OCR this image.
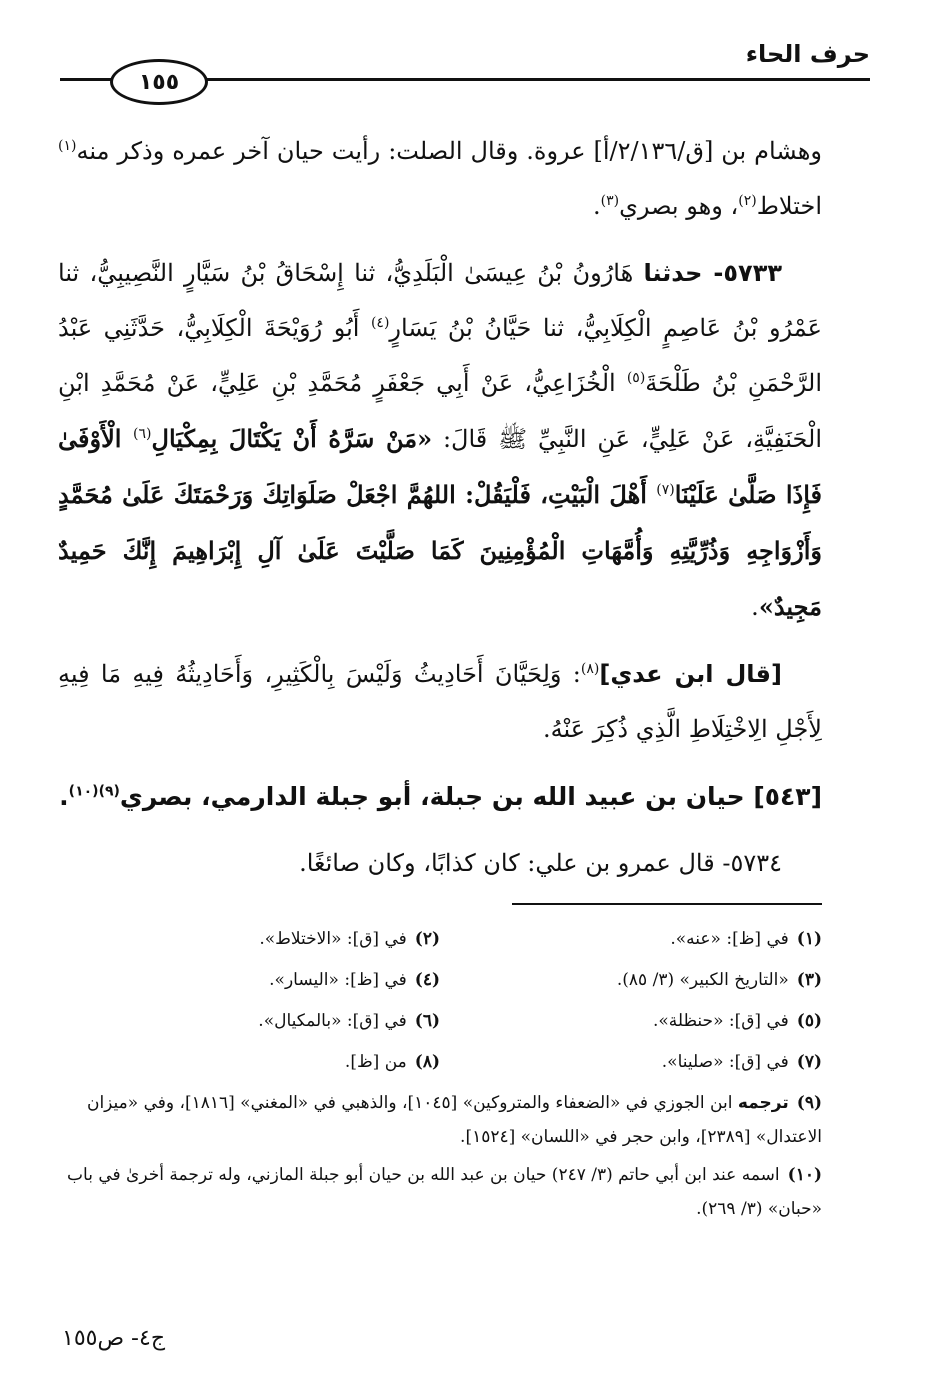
حرف الحاء
١٥٥

وهشام بن [ق/٢/١٣٦/أ] عروة. وقال الصلت: رأيت حيان آخر عمره وذكر منه$^{(١)}$ اختلاط$^{(٢)}$، وهو بصري$^{(٣)}$.

٥٧٣٣- حدثنا هَارُونُ بْنُ عِيسَىٰ الْبَلَدِيُّ، ثنا إِسْحَاقُ بْنُ سَيَّارٍ النَّصِيبِيُّ، ثنا عَمْرُو بْنُ عَاصِمٍ الْكِلَابِيُّ، ثنا حَيَّانُ بْنُ يَسَارٍ$^{(٤)}$ أَبُو رُوَيْحَةَ الْكِلَابِيُّ، حَدَّثَنِي عَبْدُ الرَّحْمَنِ بْنُ طَلْحَةَ$^{(٥)}$ الْخُزَاعِيُّ، عَنْ أَبِي جَعْفَرٍ مُحَمَّدِ بْنِ عَلِيٍّ، عَنْ مُحَمَّدِ ابْنِ الْحَنَفِيَّةِ، عَنْ عَلِيٍّ، عَنِ النَّبِيِّ ﷺ قَالَ: «مَنْ سَرَّهُ أَنْ يَكْتَالَ بِمِكْيَالِ$^{(٦)}$ الْأَوْفَىٰ فَإِذَا صَلَّىٰ عَلَيْنَا$^{(٧)}$ أَهْلَ الْبَيْتِ، فَلْيَقُلْ: اللهُمَّ اجْعَلْ صَلَوَاتِكَ وَرَحْمَتَكَ عَلَىٰ مُحَمَّدٍ وَأَزْوَاجِهِ وَذُرِّيَّتِهِ وَأُمَّهَاتِ الْمُؤْمِنِينَ كَمَا صَلَّيْتَ عَلَىٰ آلِ إِبْرَاهِيمَ إِنَّكَ حَمِيدٌ مَجِيدٌ».

[قال ابن عدي]$^{(٨)}$: وَلِحَيَّانَ أَحَادِيثُ وَلَيْسَ بِالْكَثِيرِ، وَأَحَادِيثُهُ فِيهِ مَا فِيهِ لِأَجْلِ الِاخْتِلَاطِ الَّذِي ذُكِرَ عَنْهُ.

[٥٤٣] حيان بن عبيد الله بن جبلة، أبو جبلة الدارمي، بصري$^{(٩)(١٠)}$.

٥٧٣٤- قال عمرو بن علي: كان كذابًا، وكان صائغًا.

(١)في [ظ]: «عنه».
(٢)في [ق]: «الاختلاط».
(٣)«التاريخ الكبير» (٣/ ٨٥).
(٤)في [ظ]: «اليسار».
(٥)في [ق]: «حنظلة».
(٦)في [ق]: «بالمكيال».
(٧)في [ق]: «صلينا».
(٨)من [ظ].
(٩)ترجمه ابن الجوزي في «الضعفاء والمتروكين» [١٠٤٥]، والذهبي في «المغني» [١٨١٦]، وفي «ميزان الاعتدال» [٢٣٨٩]، وابن حجر في «اللسان» [١٥٢٤].
(١٠)اسمه عند ابن أبي حاتم (٣/ ٢٤٧) حيان بن عبد الله بن حيان أبو جبلة المازني، وله ترجمة أخرىٰ في باب «حبان» (٣/ ٢٦٩).
ج٤- ص١٥٥
